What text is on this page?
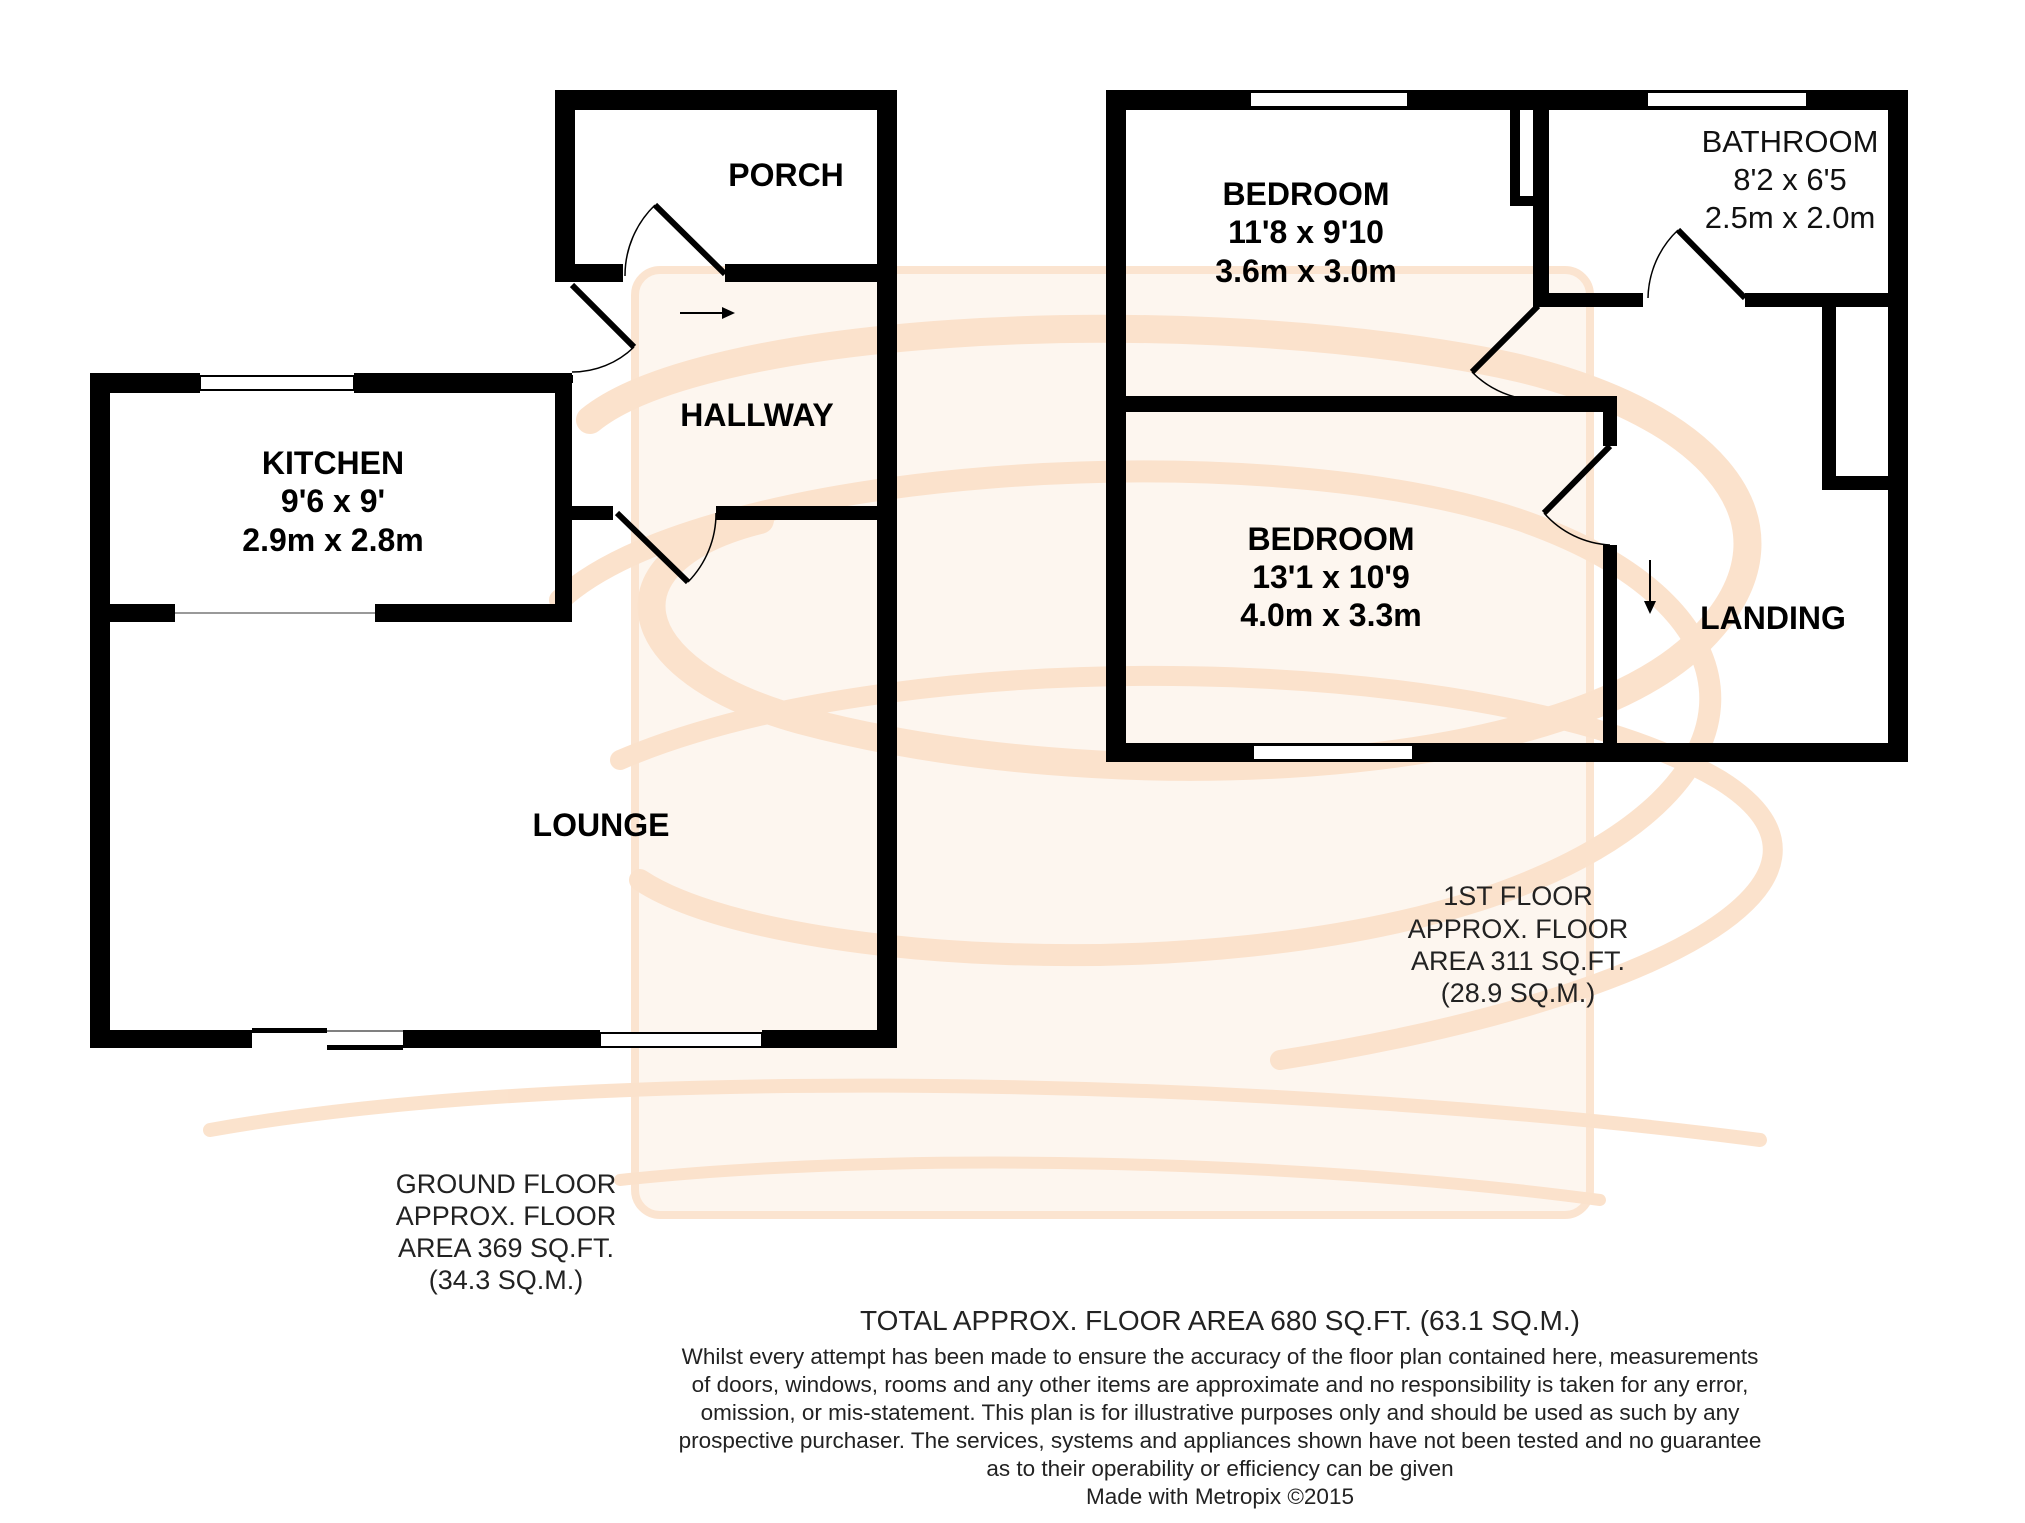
PORCH
HALLWAY
KITCHEN
9'6 x 9'
2.9m x 2.8m
LOUNGE
GROUND FLOOR
APPROX. FLOOR
AREA 369 SQ.FT.
(34.3 SQ.M.)
BEDROOM
11'8 x 9'10
3.6m x 3.0m
BATHROOM
8'2 x 6'5
2.5m x 2.0m
BEDROOM
13'1 x 10'9
4.0m x 3.3m	LANDING
1ST FLOOR
APPROX. FLOOR
AREA 311 SQ.FT.
(28.9 SQ.M.)
TOTAL APPROX. FLOOR AREA 680 SQ.FT. (63.1 SQ.M.)
Whilst every attempt has been made to ensure the accuracy of the floor plan contained here, measurements
of doors, windows, rooms and any other items are approximate and no responsibility is taken for any error,
omission, or mis-statement. This plan is for illustrative purposes only and should be used as such by any
prospective purchaser. The services, systems and appliances shown have not been tested and no guarantee
as to their operability or efficiency can be given
Made with Metropix ©2015
